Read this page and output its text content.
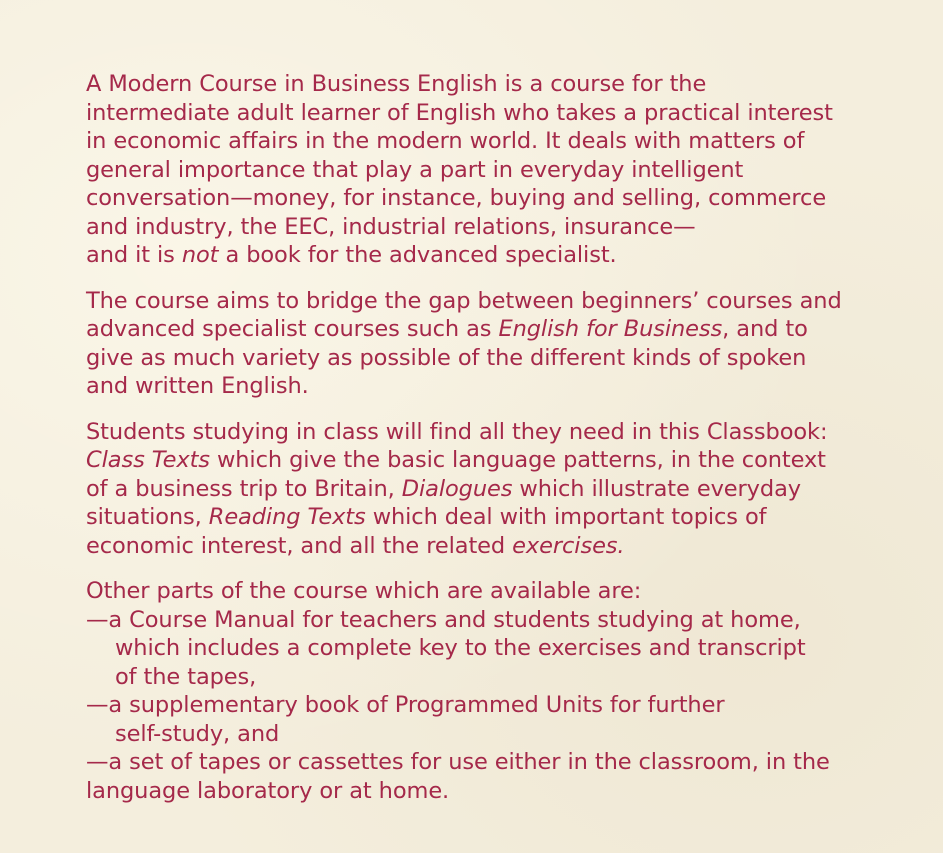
A Modern Course in Business English is a course for the
intermediate adult learner of English who takes a practical interest
in economic affairs in the modern world. It deals with matters of
general importance that play a part in everyday intelligent
conversation—money, for instance, buying and selling, commerce
and industry, the EEC, industrial relations, insurance—
and it is not a book for the advanced specialist.
The course aims to bridge the gap between beginners’ courses and
advanced specialist courses such as English for Business, and to
give as much variety as possible of the different kinds of spoken
and written English.
Students studying in class will find all they need in this Classbook:
Class Texts which give the basic language patterns, in the context
of a business trip to Britain, Dialogues which illustrate everyday
situations, Reading Texts which deal with important topics of
economic interest, and all the related exercises.
Other parts of the course which are available are:
—a Course Manual for teachers and students studying at home,
which includes a complete key to the exercises and transcript
of the tapes,
—a supplementary book of Programmed Units for further
self-study, and
—a set of tapes or cassettes for use either in the classroom, in the
language laboratory or at home.
